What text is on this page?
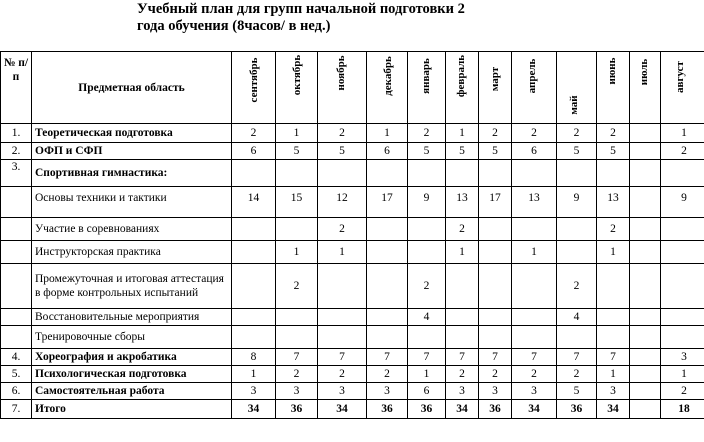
Учебный план для групп начальной подготовки 2
года обучения (8часов/ в нед.)
№ п/п	Предметная область	сентябрь	октябрь	ноябрь	декабрь	январь	февраль	март	апрель	май	июнь	июль	август

1.	Теоретическая подготовка	2	1	2	1	2	1	2	2	2	2		1
2.	ОФП и СФП	6	5	5	6	5	5	5	6	5	5		2
3.	Спортивная гимнастика:												
	Основы техники и тактики	14	15	12	17	9	13	17	13	9	13		9
	Участие в соревнованиях			2			2				2		
	Инструкторская практика		1	1			1		1		1		
	Промежуточная и итоговая аттестация в форме контрольных испытаний		2			2				2			
	Восстановительные мероприятия					4				4			
	Тренировочные сборы												
4.	Хореография и акробатика	8	7	7	7	7	7	7	7	7	7		3
5.	Психологическая подготовка	1	2	2	2	1	2	2	2	2	1		1
6.	Самостоятельная работа	3	3	3	3	6	3	3	3	5	3		2
7.	Итого	34	36	34	36	36	34	36	34	36	34		18
